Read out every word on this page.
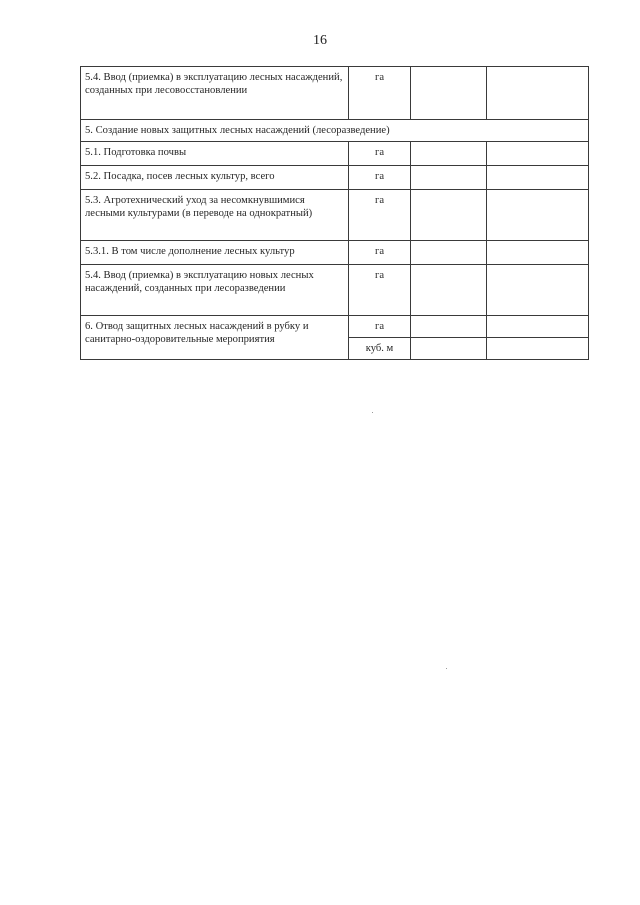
16
5.4. Ввод (приемка) в эксплуатацию лесных насаждений, созданных при лесовосстановлении	га		
5. Создание новых защитных лесных насаждений (лесоразведение)			
5.1. Подготовка почвы	га		
5.2. Посадка, посев лесных культур, всего	га		
5.3. Агротехнический уход за несомкнувшимися лесными культурами (в переводе на однократный)	га		
5.3.1. В том числе дополнение лесных культур	га		
5.4. Ввод (приемка) в эксплуатацию новых лесных насаждений, созданных при лесоразведении	га		
6. Отвод защитных лесных насаждений в рубку и санитарно-оздоровительные мероприятия	га		
	куб. м		
